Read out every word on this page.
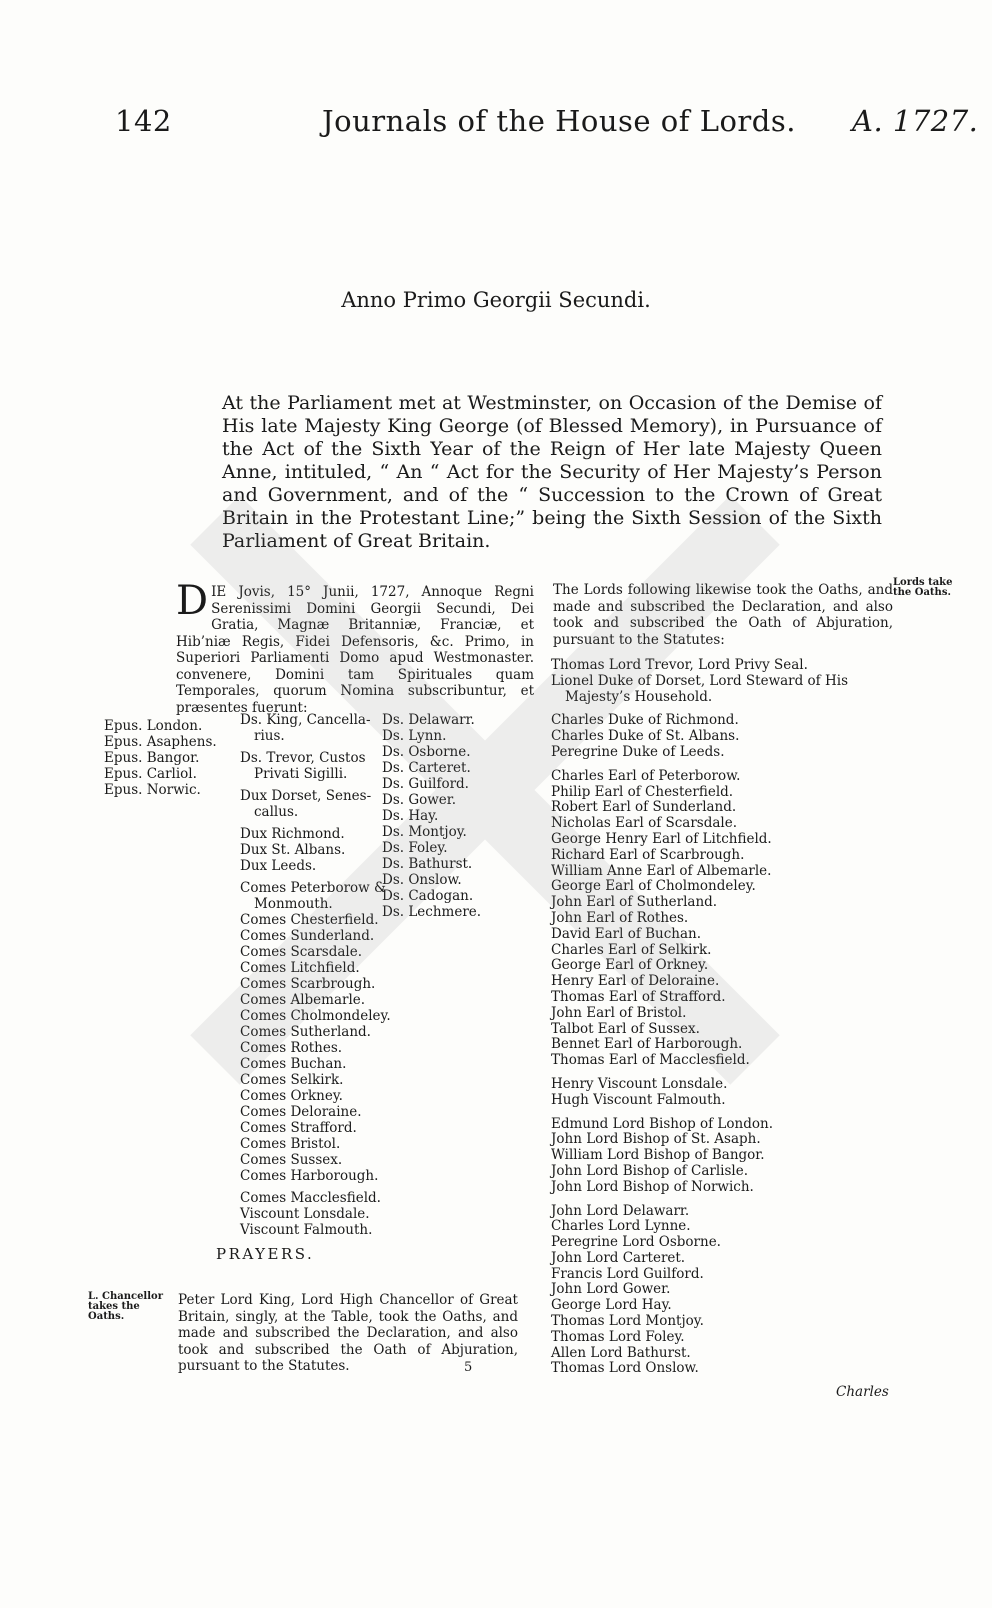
142	Journals of the House of Lords. A. 1727.
Anno Primo Georgii Secundi.
At the Parliament met at Westminster, on Occasion of the Demise of His late Majesty King George (of Blessed Memory), in Pursuance of the Act of the Sixth Year of the Reign of Her late Majesty Queen Anne, intituled, “ An “ Act for the Security of Her Majesty’s Person and Government, and of the “ Succession to the Crown of Great Britain in the Protestant Line;” being the Sixth Session of the Sixth Parliament of Great Britain.
D IE Jovis, 15° Junii, 1727, Annoque Regni Serenissimi Domini Georgii Secundi, Dei Gratia, Magnæ Britanniæ, Franciæ, et Hib’niæ Regis, Fidei Defensoris, &c. Primo, in Superiori Parliamenti Domo apud Westmonaster. convenere, Domini tam Spirituales quam Temporales, quorum Nomina subscribuntur, et præsentes fuerunt:
Epus. London.
Epus. Asaphens.
Epus. Bangor.
Epus. Carliol.
Epus. Norwic.
Ds. King, Cancella-
rius.
Ds. Trevor, Custos
Privati Sigilli.
Dux Dorset, Senes-
callus.
Dux Richmond.
Dux St. Albans.
Dux Leeds.
Comes Peterborow &
Monmouth.
Comes Chesterfield.
Comes Sunderland.
Comes Scarsdale.
Comes Litchfield.
Comes Scarbrough.
Comes Albemarle.
Comes Cholmondeley.
Comes Sutherland.
Comes Rothes.
Comes Buchan.
Comes Selkirk.
Comes Orkney.
Comes Deloraine.
Comes Strafford.
Comes Bristol.
Comes Sussex.
Comes Harborough.
Comes Macclesfield.
Viscount Lonsdale.
Viscount Falmouth.
Ds. Delawarr.
Ds. Lynn.
Ds. Osborne.
Ds. Carteret.
Ds. Guilford.
Ds. Gower.
Ds. Hay.
Ds. Montjoy.
Ds. Foley.
Ds. Bathurst.
Ds. Onslow.
Ds. Cadogan.
Ds. Lechmere.
PRAYERS.
L. Chancellor takes the Oaths.
Peter Lord King, Lord High Chancellor of Great Britain, singly, at the Table, took the Oaths, and made and subscribed the Declaration, and also took and subscribed the Oath of Abjuration, pursuant to the Statutes.	5
The Lords following likewise took the Oaths, and made and subscribed the Declaration, and also took and subscribed the Oath of Abjuration, pursuant to the Statutes:
Lords take the Oaths.
Thomas Lord Trevor, Lord Privy Seal.
Lionel Duke of Dorset, Lord Steward of His Majesty’s Household.
Charles Duke of Richmond.
Charles Duke of St. Albans.
Peregrine Duke of Leeds.
Charles Earl of Peterborow.
Philip Earl of Chesterfield.
Robert Earl of Sunderland.
Nicholas Earl of Scarsdale.
George Henry Earl of Litchfield.
Richard Earl of Scarbrough.
William Anne Earl of Albemarle.
George Earl of Cholmondeley.
John Earl of Sutherland.
John Earl of Rothes.
David Earl of Buchan.
Charles Earl of Selkirk.
George Earl of Orkney.
Henry Earl of Deloraine.
Thomas Earl of Strafford.
John Earl of Bristol.
Talbot Earl of Sussex.
Bennet Earl of Harborough.
Thomas Earl of Macclesfield.
Henry Viscount Lonsdale.
Hugh Viscount Falmouth.
Edmund Lord Bishop of London.
John Lord Bishop of St. Asaph.
William Lord Bishop of Bangor.
John Lord Bishop of Carlisle.
John Lord Bishop of Norwich.
John Lord Delawarr.
Charles Lord Lynne.
Peregrine Lord Osborne.
John Lord Carteret.
Francis Lord Guilford.
John Lord Gower.
George Lord Hay.
Thomas Lord Montjoy.
Thomas Lord Foley.
Allen Lord Bathurst.
Thomas Lord Onslow.
Charles
